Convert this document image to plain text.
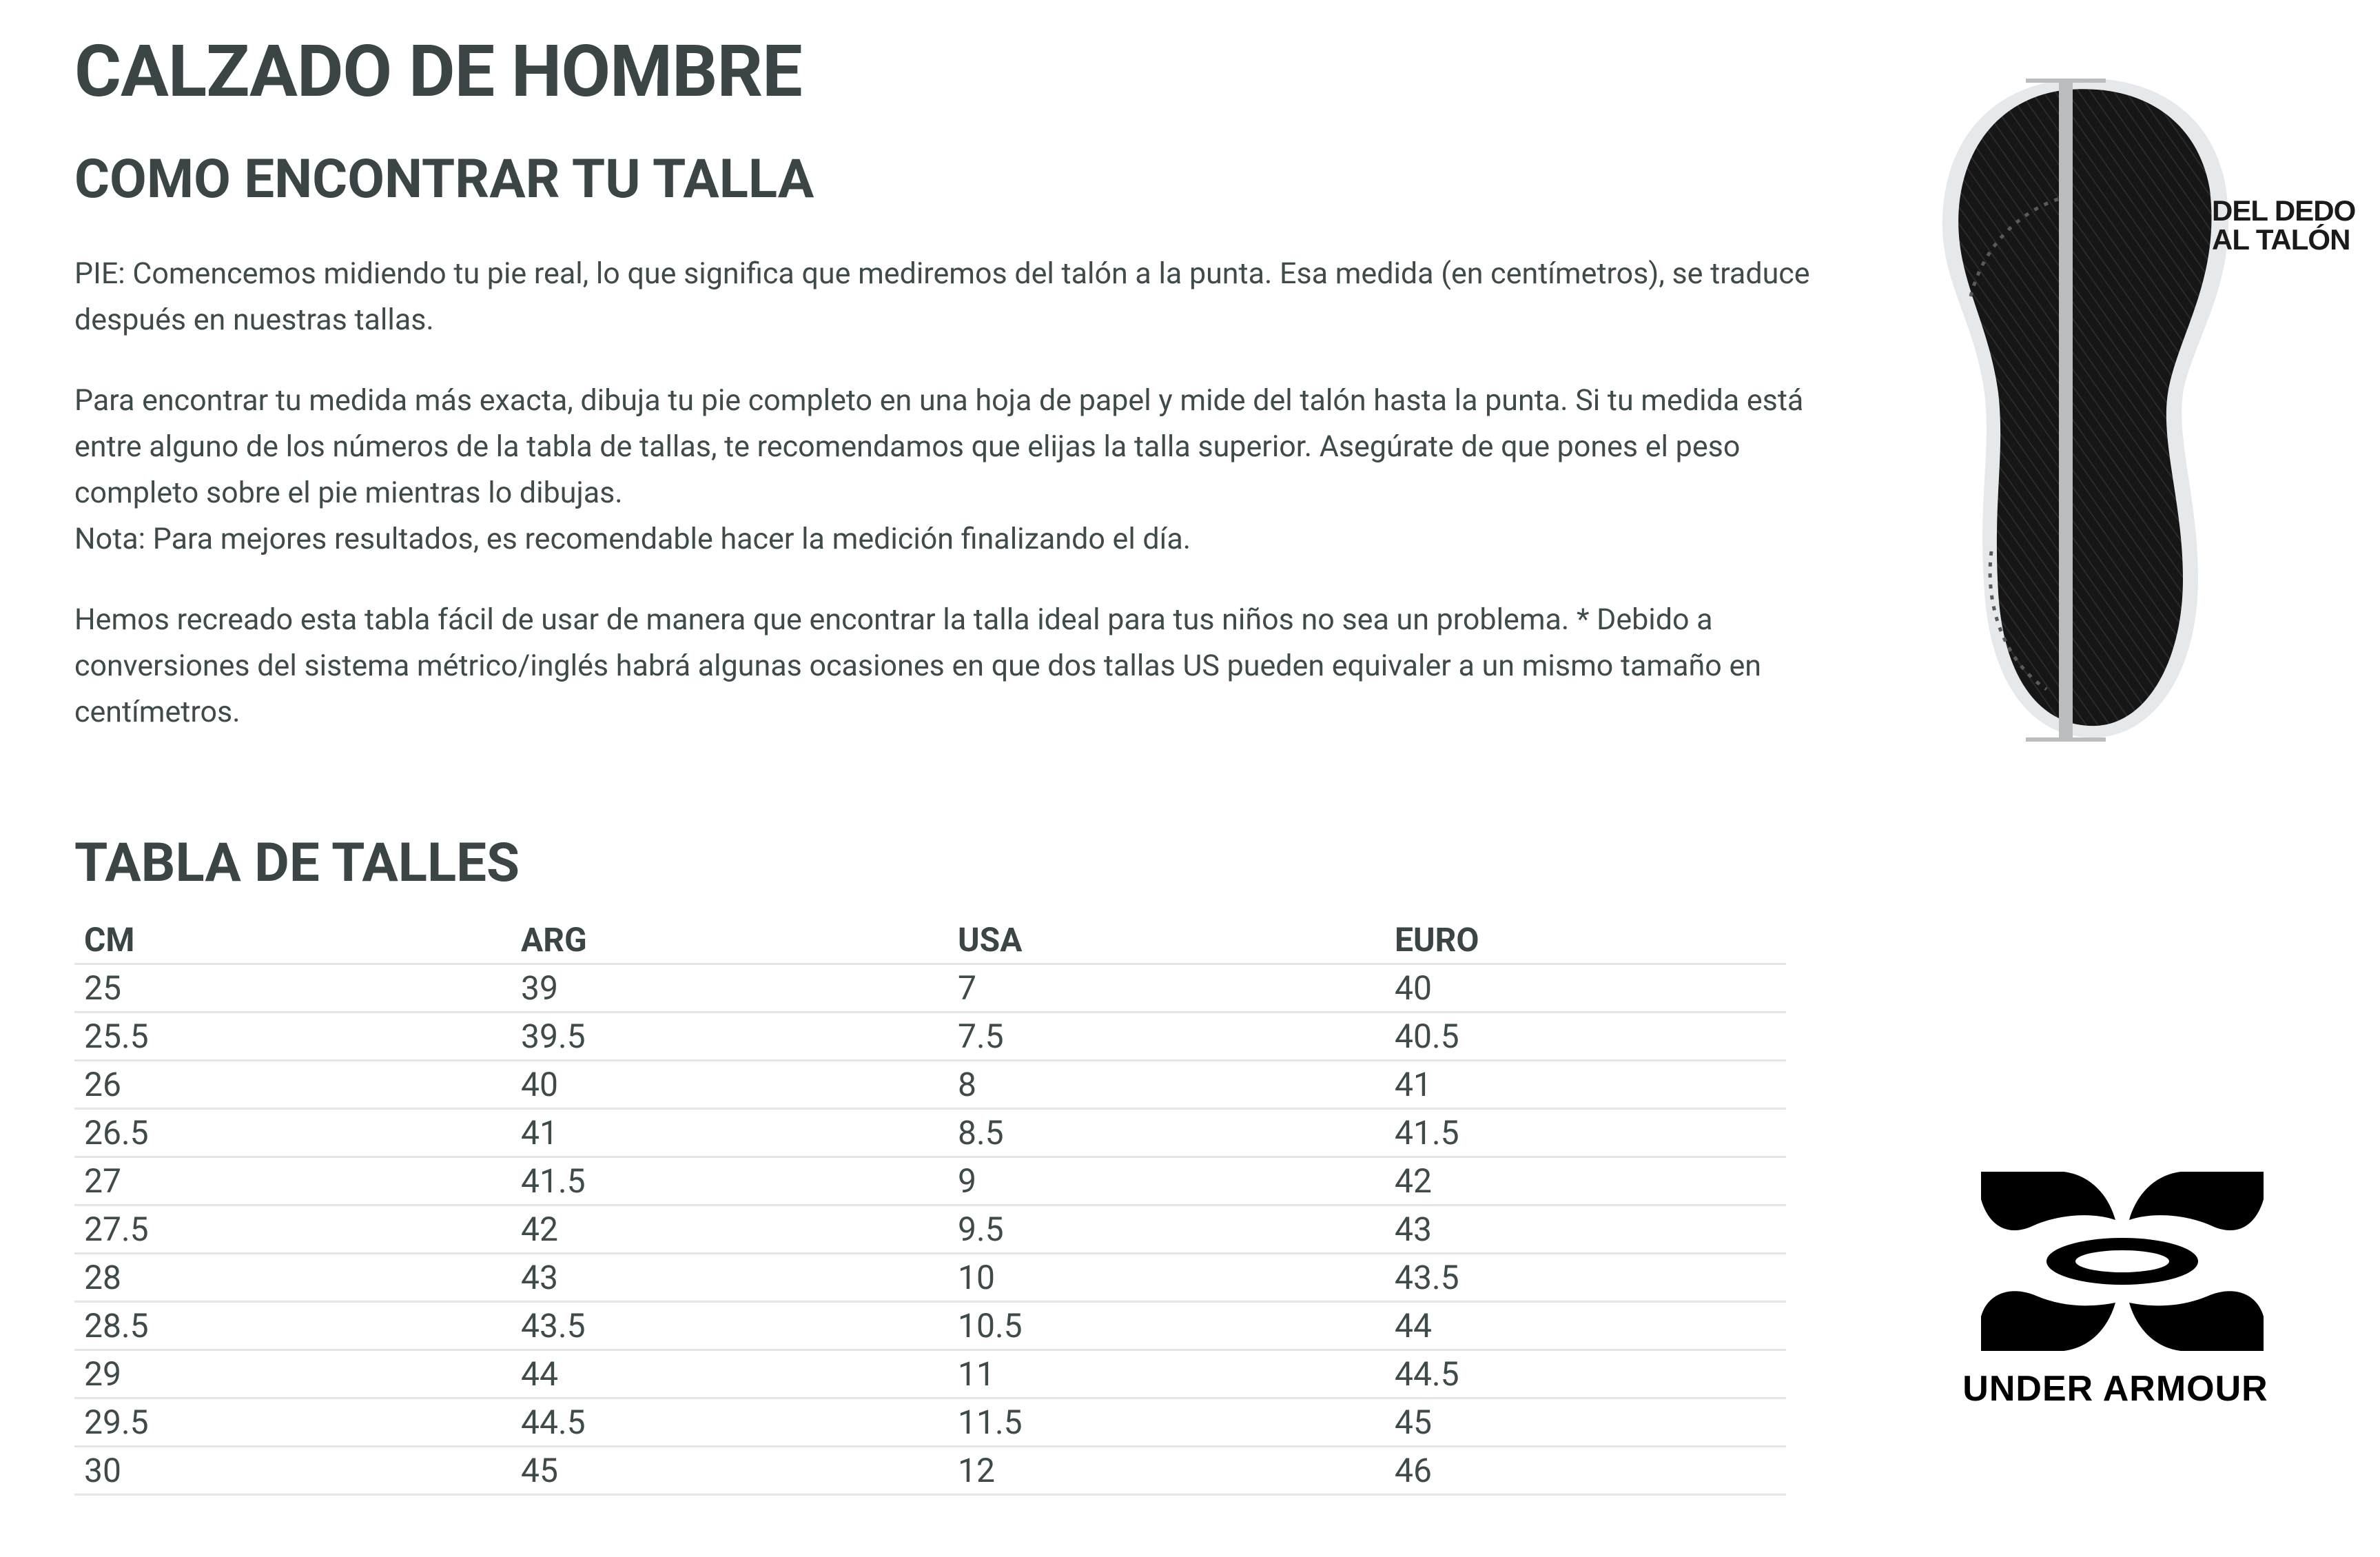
CALZADO DE HOMBRE
COMO ENCONTRAR TU TALLA

PIE: Comencemos midiendo tu pie real, lo que significa que mediremos del talón a la punta. Esa medida (en centímetros), se traduce después en nuestras tallas.

Para encontrar tu medida más exacta, dibuja tu pie completo en una hoja de papel y mide del talón hasta la punta. Si tu medida está entre alguno de los números de la tabla de tallas, te recomendamos que elijas la talla superior. Asegúrate de que pones el peso completo sobre el pie mientras lo dibujas.

Nota: Para mejores resultados, es recomendable hacer la medición finalizando el día.

Hemos recreado esta tabla fácil de usar de manera que encontrar la talla ideal para tus niños no sea un problema. * Debido a conversiones del sistema métrico/inglés habrá algunas ocasiones en que dos tallas US pueden equivaler a un mismo tamaño en centímetros.

TABLA DE TALLES
CM	ARG	USA	EURO
25	39	7	40
25.5	39.5	7.5	40.5
26	40	8	41
26.5	41	8.5	41.5
27	41.5	9	42
27.5	42	9.5	43
28	43	10	43.5
28.5	43.5	10.5	44
29	44	11	44.5
29.5	44.5	11.5	45
30	45	12	46
DEL DEDO
AL TALÓN
UNDER ARMOUR
